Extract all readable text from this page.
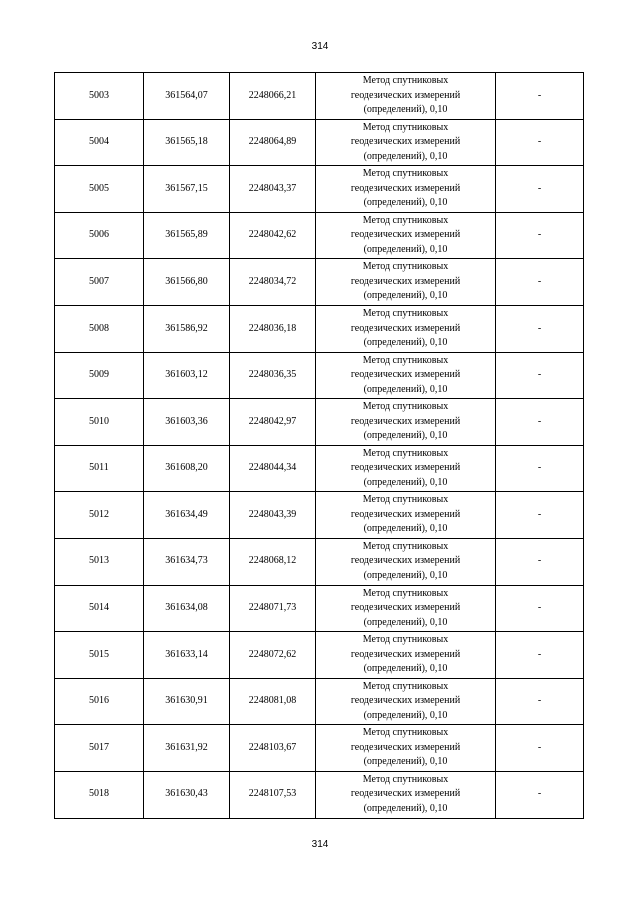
314
5003	361564,07	2248066,21	Метод спутниковых геодезических измерений (определений), 0,10	-
5004	361565,18	2248064,89	Метод спутниковых геодезических измерений (определений), 0,10	-
5005	361567,15	2248043,37	Метод спутниковых геодезических измерений (определений), 0,10	-
5006	361565,89	2248042,62	Метод спутниковых геодезических измерений (определений), 0,10	-
5007	361566,80	2248034,72	Метод спутниковых геодезических измерений (определений), 0,10	-
5008	361586,92	2248036,18	Метод спутниковых геодезических измерений (определений), 0,10	-
5009	361603,12	2248036,35	Метод спутниковых геодезических измерений (определений), 0,10	-
5010	361603,36	2248042,97	Метод спутниковых геодезических измерений (определений), 0,10	-
5011	361608,20	2248044,34	Метод спутниковых геодезических измерений (определений), 0,10	-
5012	361634,49	2248043,39	Метод спутниковых геодезических измерений (определений), 0,10	-
5013	361634,73	2248068,12	Метод спутниковых геодезических измерений (определений), 0,10	-
5014	361634,08	2248071,73	Метод спутниковых геодезических измерений (определений), 0,10	-
5015	361633,14	2248072,62	Метод спутниковых геодезических измерений (определений), 0,10	-
5016	361630,91	2248081,08	Метод спутниковых геодезических измерений (определений), 0,10	-
5017	361631,92	2248103,67	Метод спутниковых геодезических измерений (определений), 0,10	-
5018	361630,43	2248107,53	Метод спутниковых геодезических измерений (определений), 0,10	-
314
